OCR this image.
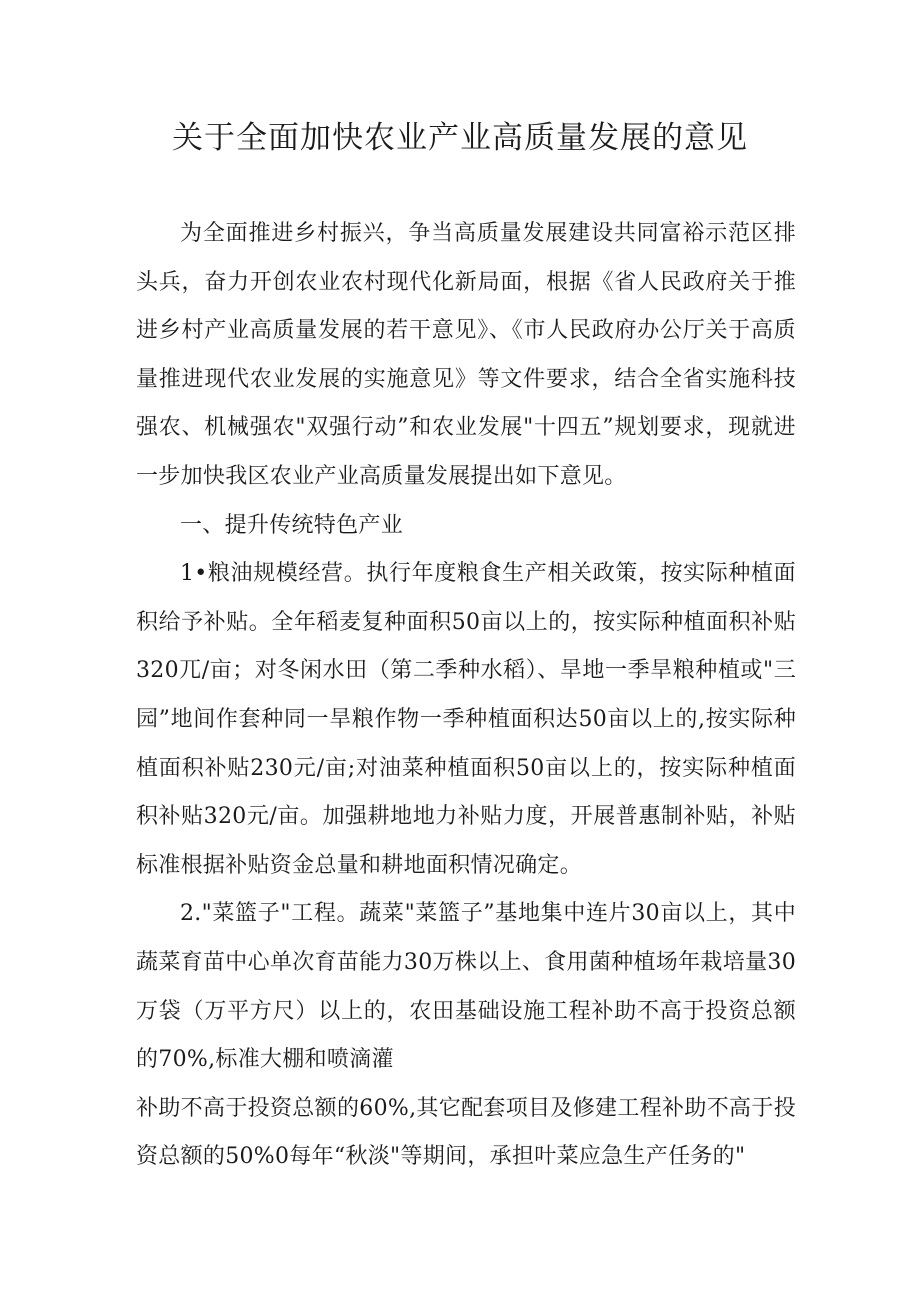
关于全面加快农业产业高质量发展的意见

为全面推进乡村振兴，争当高质量发展建设共同富裕示范区排头兵，奋力开创农业农村现代化新局面，根据《省人民政府关于推进乡村产业高质量发展的若干意见》、《市人民政府办公厅关于高质量推进现代农业发展的实施意见》等文件要求，结合全省实施科技强农、机械强农"双强行动”和农业发展"十四五”规划要求，现就进一步加快我区农业产业高质量发展提出如下意见。

一、提升传统特色产业

1•粮油规模经营。执行年度粮食生产相关政策，按实际种植面积给予补贴。全年稻麦复种面积50亩以上的，按实际种植面积补贴320兀/亩；对冬闲水田（第二季种水稻）、旱地一季旱粮种植或"三园”地间作套种同一旱粮作物一季种植面积达50亩以上的,按实际种植面积补贴230元/亩;对油菜种植面积50亩以上的，按实际种植面积补贴320元/亩。加强耕地地力补贴力度，开展普惠制补贴，补贴标准根据补贴资金总量和耕地面积情况确定。

2."菜篮子"工程。蔬菜"菜篮子”基地集中连片30亩以上，其中蔬菜育苗中心单次育苗能力30万株以上、食用菌种植场年栽培量30万袋（万平方尺）以上的，农田基础设施工程补助不高于投资总额的70%,标准大棚和喷滴灌

补助不高于投资总额的60%,其它配套项目及修建工程补助不高于投资总额的50%0每年“秋淡"等期间，承担叶菜应急生产任务的"
